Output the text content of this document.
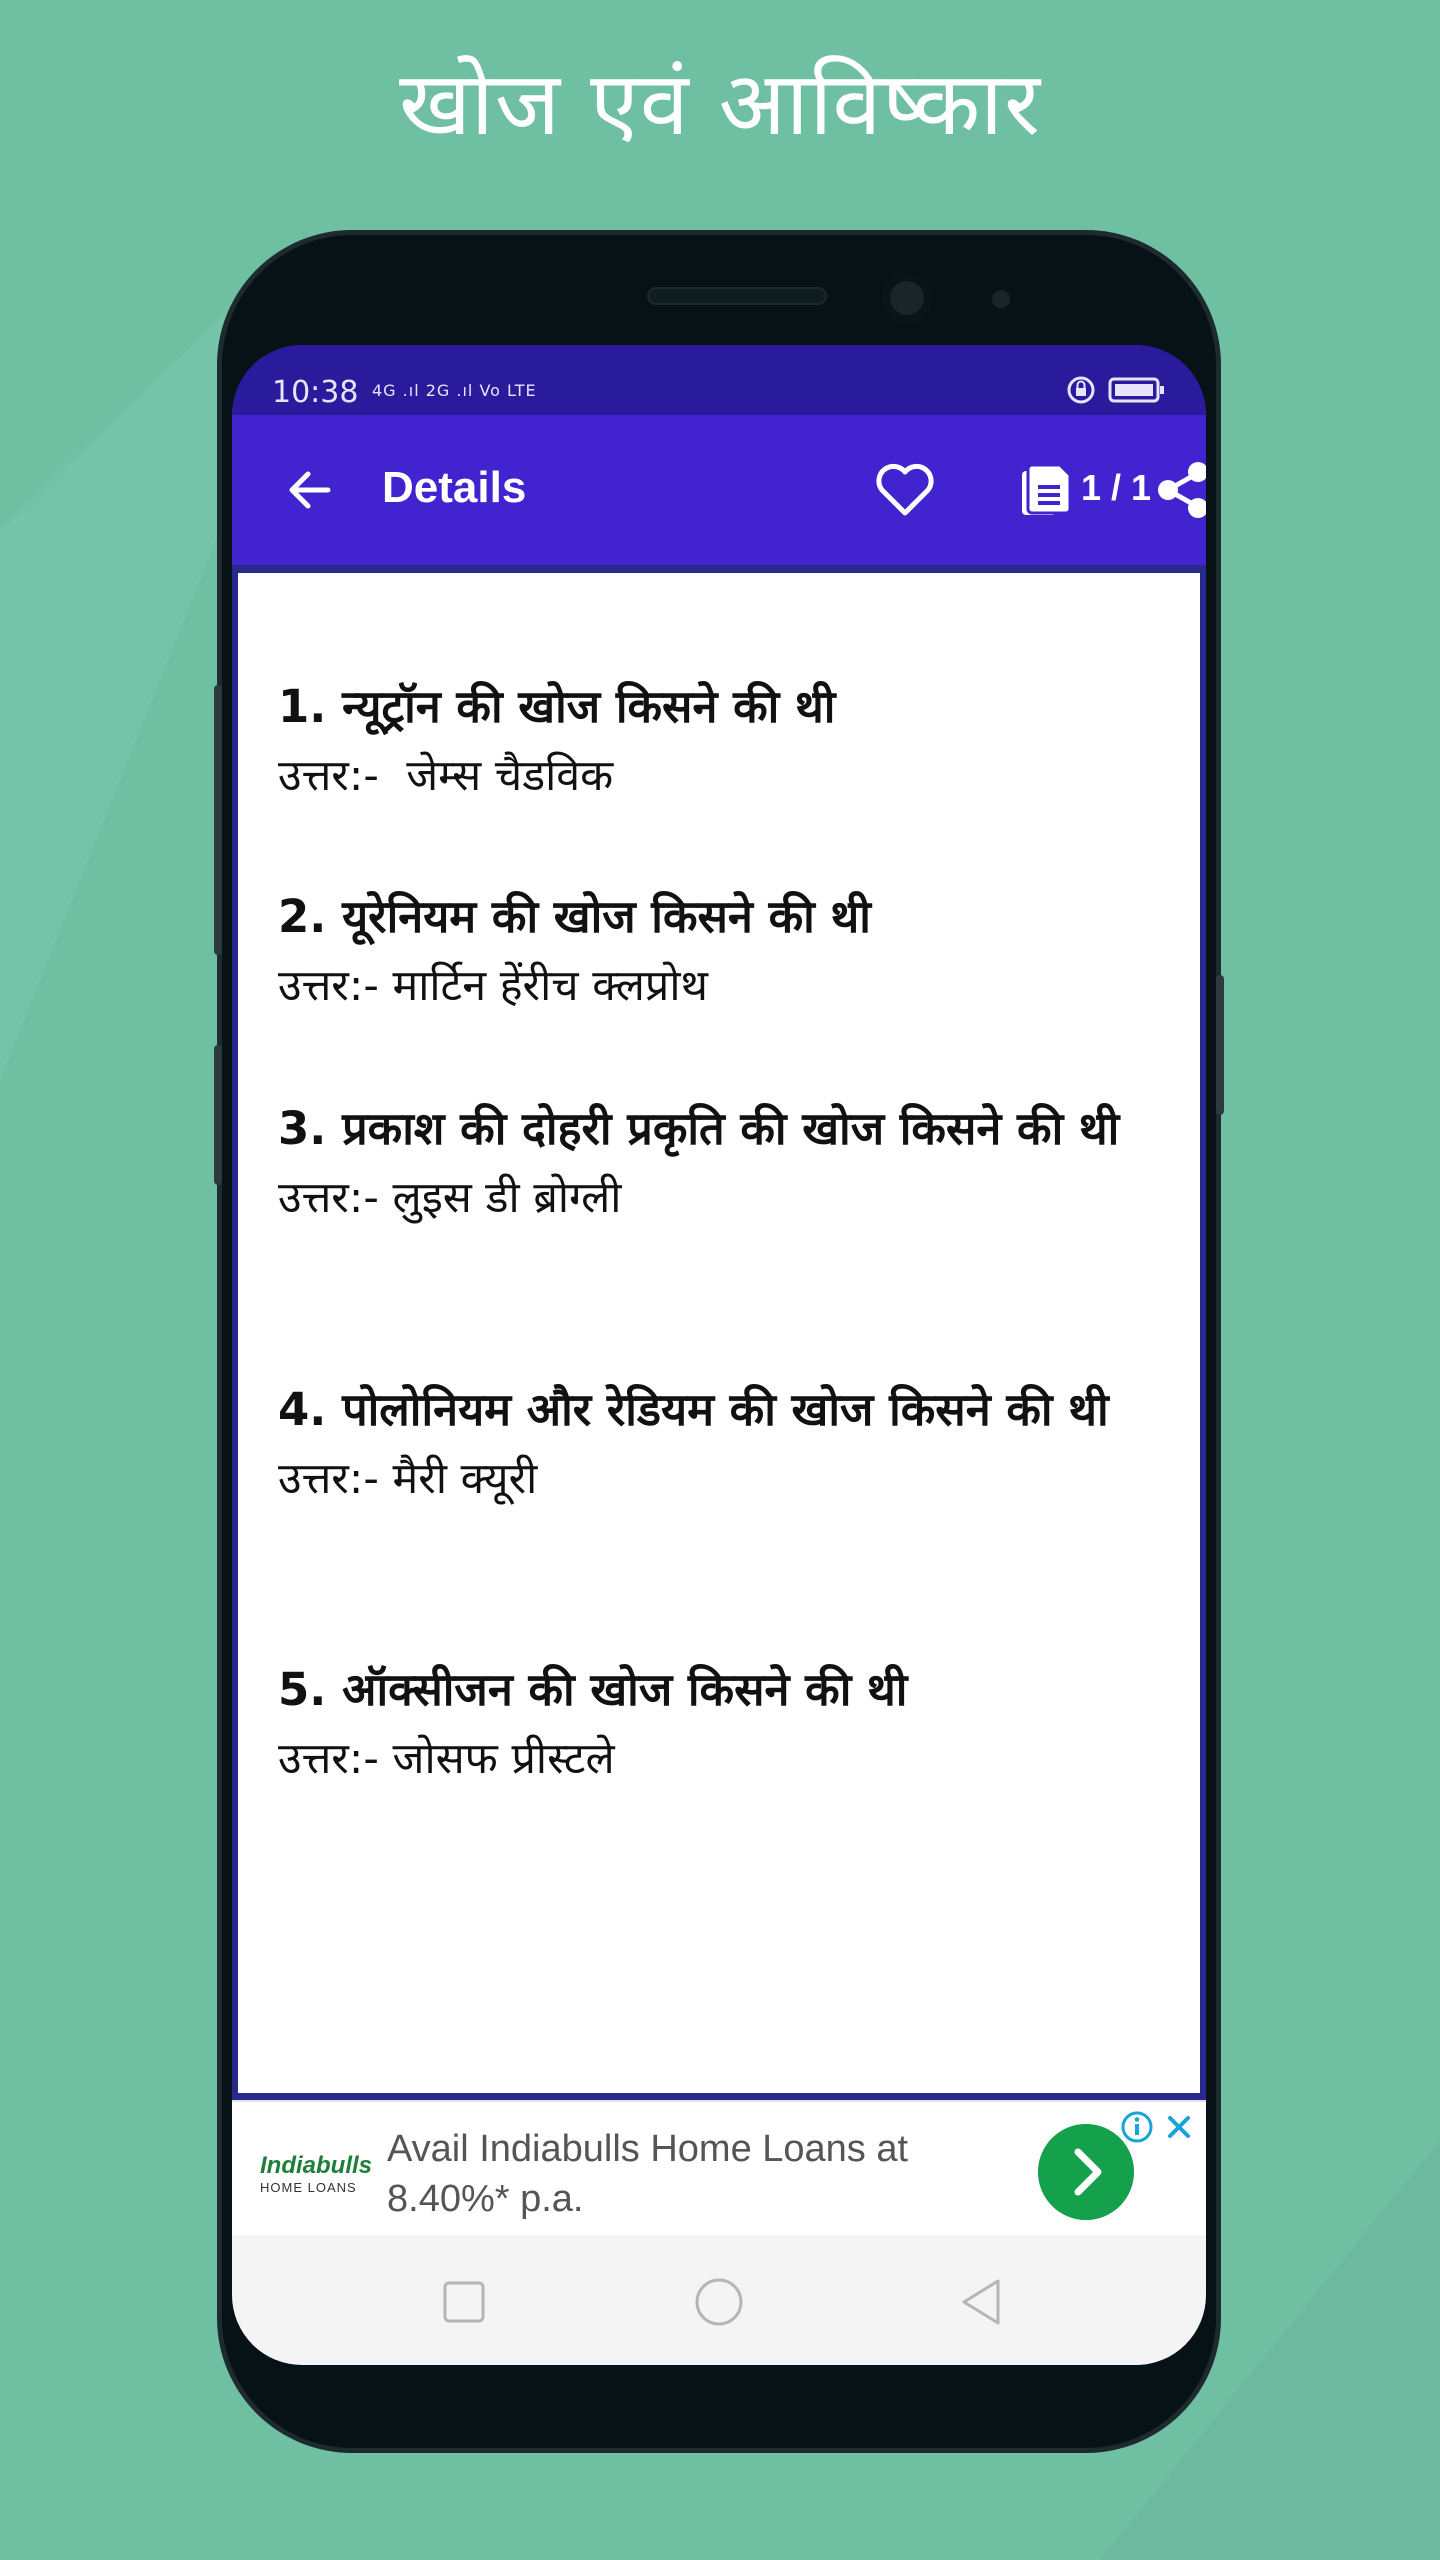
खोज एवं आविष्कार
10:38 4G .ıl 2G .ıl Vo LTE
Details	1 / 1
1. न्यूट्रॉन की खोज किसने की थी
उत्तर:-  जेम्स चैडविक
2. यूरेनियम की खोज किसने की थी
उत्तर:- मार्टिन हेंरीच क्लप्रोथ
3. प्रकाश की दोहरी प्रकृति की खोज किसने की थी
उत्तर:- लुइस डी ब्रोग्ली
4. पोलोनियम और रेडियम की खोज किसने की थी
उत्तर:- मैरी क्यूरी
5. ऑक्सीजन की खोज किसने की थी
उत्तर:- जोसफ प्रीस्टले
Indiabulls
HOME LOANS
Avail Indiabulls Home Loans at 8.40%* p.a.
